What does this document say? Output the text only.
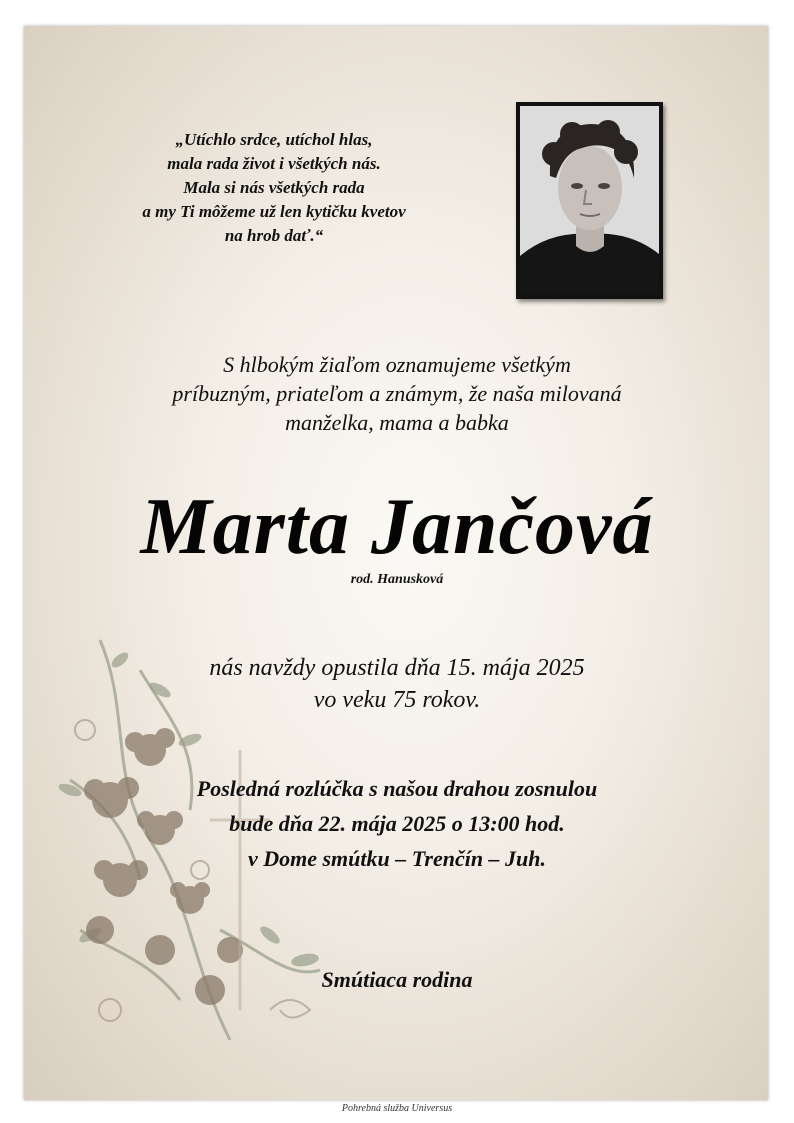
„Utíchlo srdce, utíchol hlas,
mala rada život i všetkých nás.
Mala si nás všetkých rada
a my Ti môžeme už len kytičku kvetov
na hrob dať.“
S hlbokým žiaľom oznamujeme všetkým
príbuzným, priateľom a známym, že naša milovaná
manželka, mama a babka
Marta Jančová
rod. Hanusková
nás navždy opustila dňa 15. mája 2025
vo veku 75 rokov.
Posledná rozlúčka s našou drahou zosnulou
bude dňa 22. mája 2025 o 13:00 hod.
v Dome smútku – Trenčín – Juh.
Smútiaca rodina
Pohrebná služba Universus
